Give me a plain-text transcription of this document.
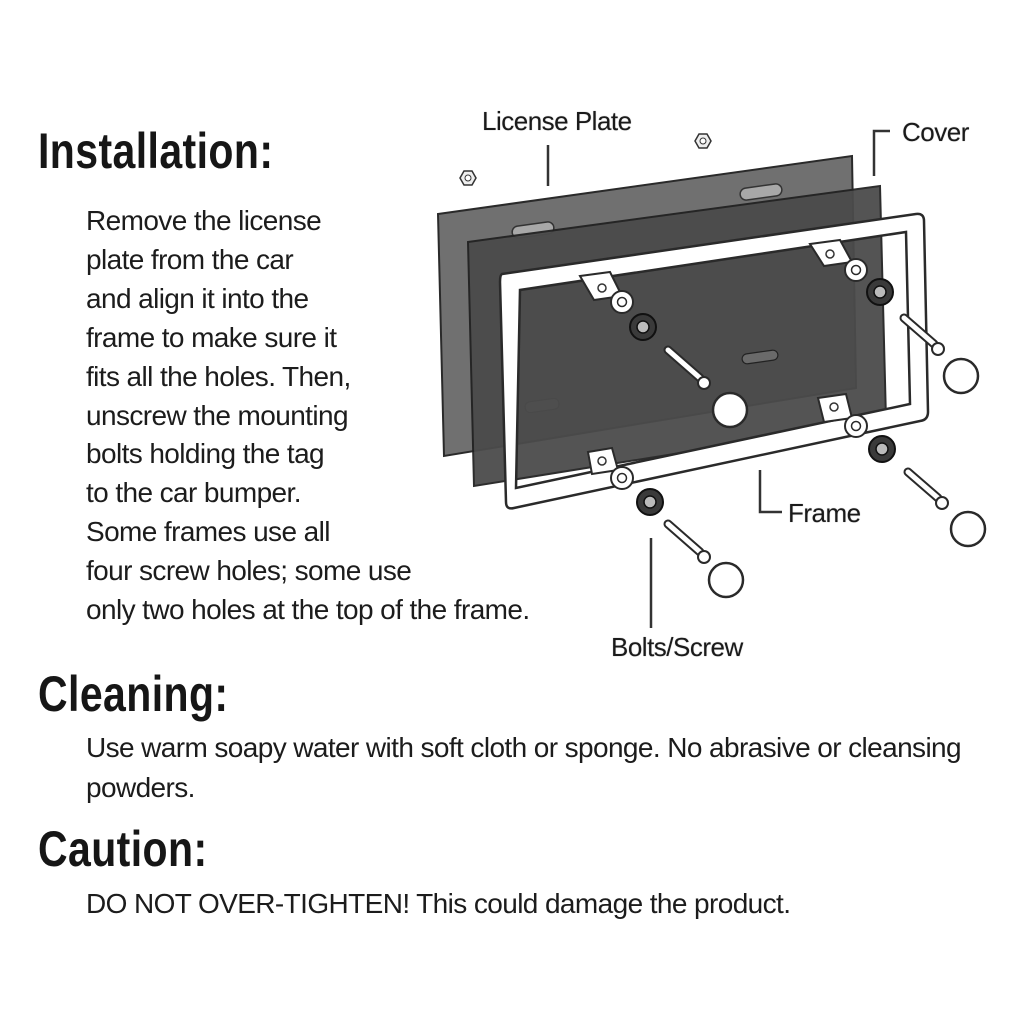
Installation:
Remove the license
plate from the car
and align it into the
frame to make sure it
fits all the holes. Then,
unscrew the mounting
bolts holding the tag
to the car bumper.
Some frames use all
four screw holes; some use
only two holes at the top of the frame.
License Plate	Cover
Frame
Bolts/Screw
Cleaning:

Use warm soapy water with soft cloth or sponge. No abrasive or cleansing powders.

Caution:

DO NOT OVER-TIGHTEN! This could damage the product.
